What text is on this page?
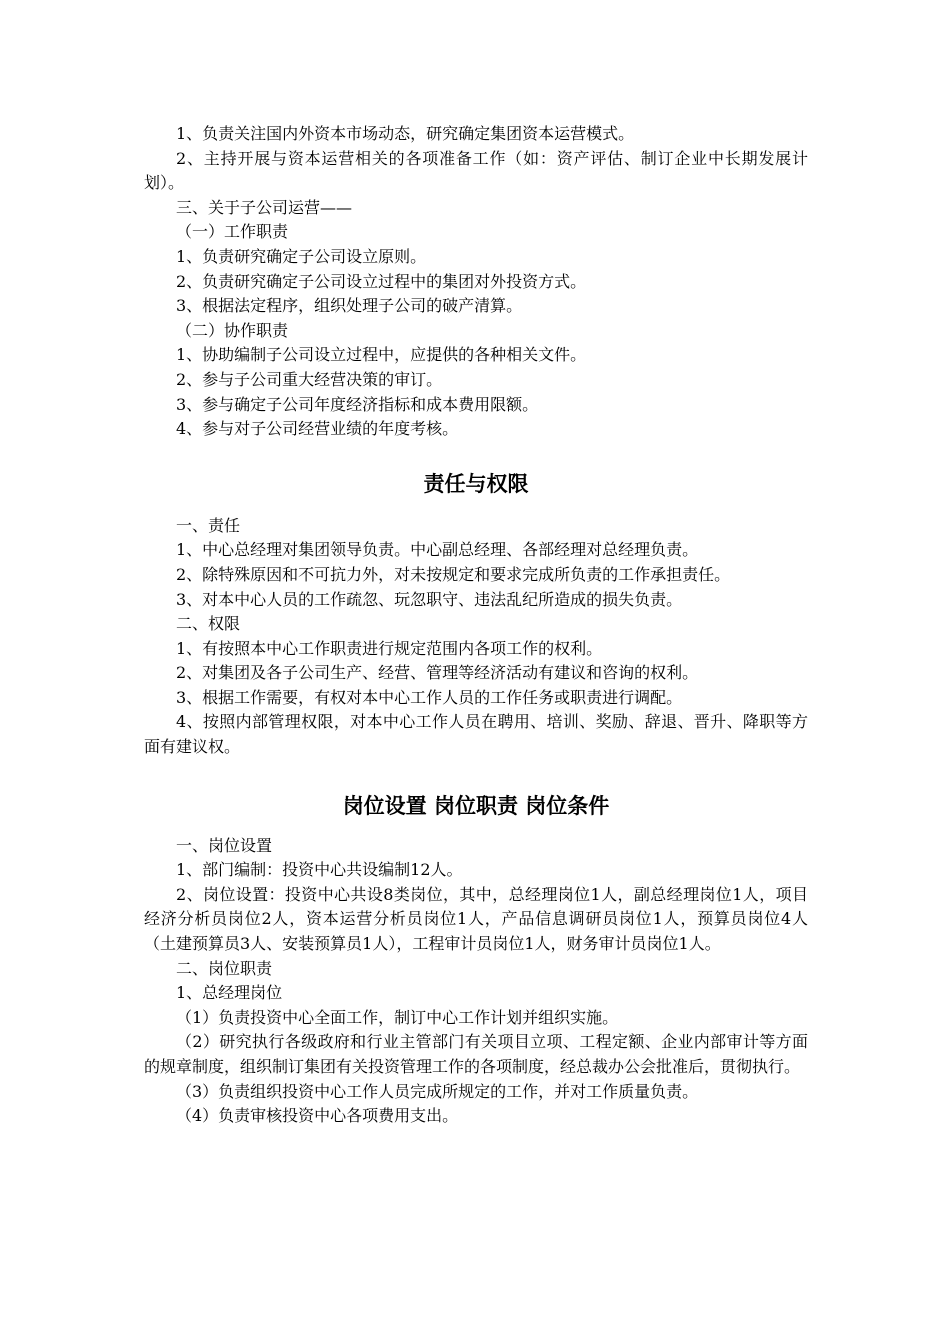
1、负责关注国内外资本市场动态，研究确定集团资本运营模式。

2、主持开展与资本运营相关的各项准备工作（如：资产评估、制订企业中长期发展计划）。

三、关于子公司运营——

（一）工作职责

1、负责研究确定子公司设立原则。

2、负责研究确定子公司设立过程中的集团对外投资方式。

3、根据法定程序，组织处理子公司的破产清算。

（二）协作职责

1、协助编制子公司设立过程中，应提供的各种相关文件。

2、参与子公司重大经营决策的审订。

3、参与确定子公司年度经济指标和成本费用限额。

4、参与对子公司经营业绩的年度考核。

责任与权限

一、责任

1、中心总经理对集团领导负责。中心副总经理、各部经理对总经理负责。

2、除特殊原因和不可抗力外，对未按规定和要求完成所负责的工作承担责任。

3、对本中心人员的工作疏忽、玩忽职守、违法乱纪所造成的损失负责。

二、权限

1、有按照本中心工作职责进行规定范围内各项工作的权利。

2、对集团及各子公司生产、经营、管理等经济活动有建议和咨询的权利。

3、根据工作需要，有权对本中心工作人员的工作任务或职责进行调配。

4、按照内部管理权限，对本中心工作人员在聘用、培训、奖励、辞退、晋升、降职等方面有建议权。

岗位设置 岗位职责 岗位条件

一、岗位设置

1、部门编制：投资中心共设编制12人。

2、岗位设置：投资中心共设8类岗位，其中，总经理岗位1人，副总经理岗位1人，项目经济分析员岗位2人，资本运营分析员岗位1人，产品信息调研员岗位1人，预算员岗位4人（土建预算员3人、安装预算员1人），工程审计员岗位1人，财务审计员岗位1人。

二、岗位职责

1、总经理岗位

（1）负责投资中心全面工作，制订中心工作计划并组织实施。

（2）研究执行各级政府和行业主管部门有关项目立项、工程定额、企业内部审计等方面的规章制度，组织制订集团有关投资管理工作的各项制度，经总裁办公会批准后，贯彻执行。

（3）负责组织投资中心工作人员完成所规定的工作，并对工作质量负责。

（4）负责审核投资中心各项费用支出。
